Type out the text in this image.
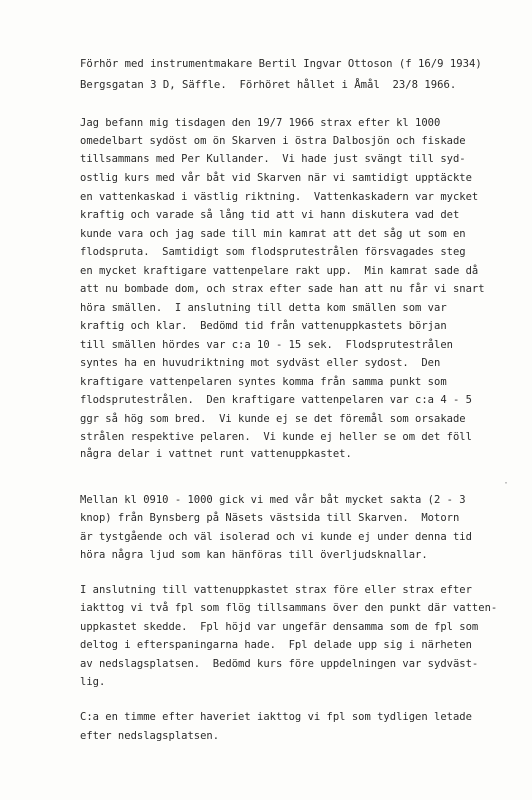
Förhör med instrumentmakare Bertil Ingvar Ottoson (f 16/9 1934)
Bergsgatan 3 D, Säffle.  Förhöret hållet i Åmål  23/8 1966.
Jag befann mig tisdagen den 19/7 1966 strax efter kl 1000
omedelbart sydöst om ön Skarven i östra Dalbosjön och fiskade
tillsammans med Per Kullander.  Vi hade just svängt till syd-
ostlig kurs med vår båt vid Skarven när vi samtidigt upptäckte
en vattenkaskad i västlig riktning.  Vattenkaskadern var mycket
kraftig och varade så lång tid att vi hann diskutera vad det
kunde vara och jag sade till min kamrat att det såg ut som en
flodspruta.  Samtidigt som flodsprutestrålen försvagades steg
en mycket kraftigare vattenpelare rakt upp.  Min kamrat sade då
att nu bombade dom, och strax efter sade han att nu får vi snart
höra smällen.  I anslutning till detta kom smällen som var
kraftig och klar.  Bedömd tid från vattenuppkastets början
till smällen hördes var c:a 10 - 15 sek.  Flodsprutestrålen
syntes ha en huvudriktning mot sydväst eller sydost.  Den
kraftigare vattenpelaren syntes komma från samma punkt som
flodsprutestrålen.  Den kraftigare vattenpelaren var c:a 4 - 5
ggr så hög som bred.  Vi kunde ej se det föremål som orsakade
strålen respektive pelaren.  Vi kunde ej heller se om det föll
några delar i vattnet runt vattenuppkastet.
Mellan kl 0910 - 1000 gick vi med vår båt mycket sakta (2 - 3
knop) från Bynsberg på Näsets västsida till Skarven.  Motorn
är tystgående och väl isolerad och vi kunde ej under denna tid
höra några ljud som kan hänföras till överljudsknallar.
I anslutning till vattenuppkastet strax före eller strax efter
iakttog vi två fpl som flög tillsammans över den punkt där vatten-
uppkastet skedde.  Fpl höjd var ungefär densamma som de fpl som
deltog i efterspaningarna hade.  Fpl delade upp sig i närheten
av nedslagsplatsen.  Bedömd kurs före uppdelningen var sydväst-
lig.
C:a en timme efter haveriet iakttog vi fpl som tydligen letade
efter nedslagsplatsen.
·
